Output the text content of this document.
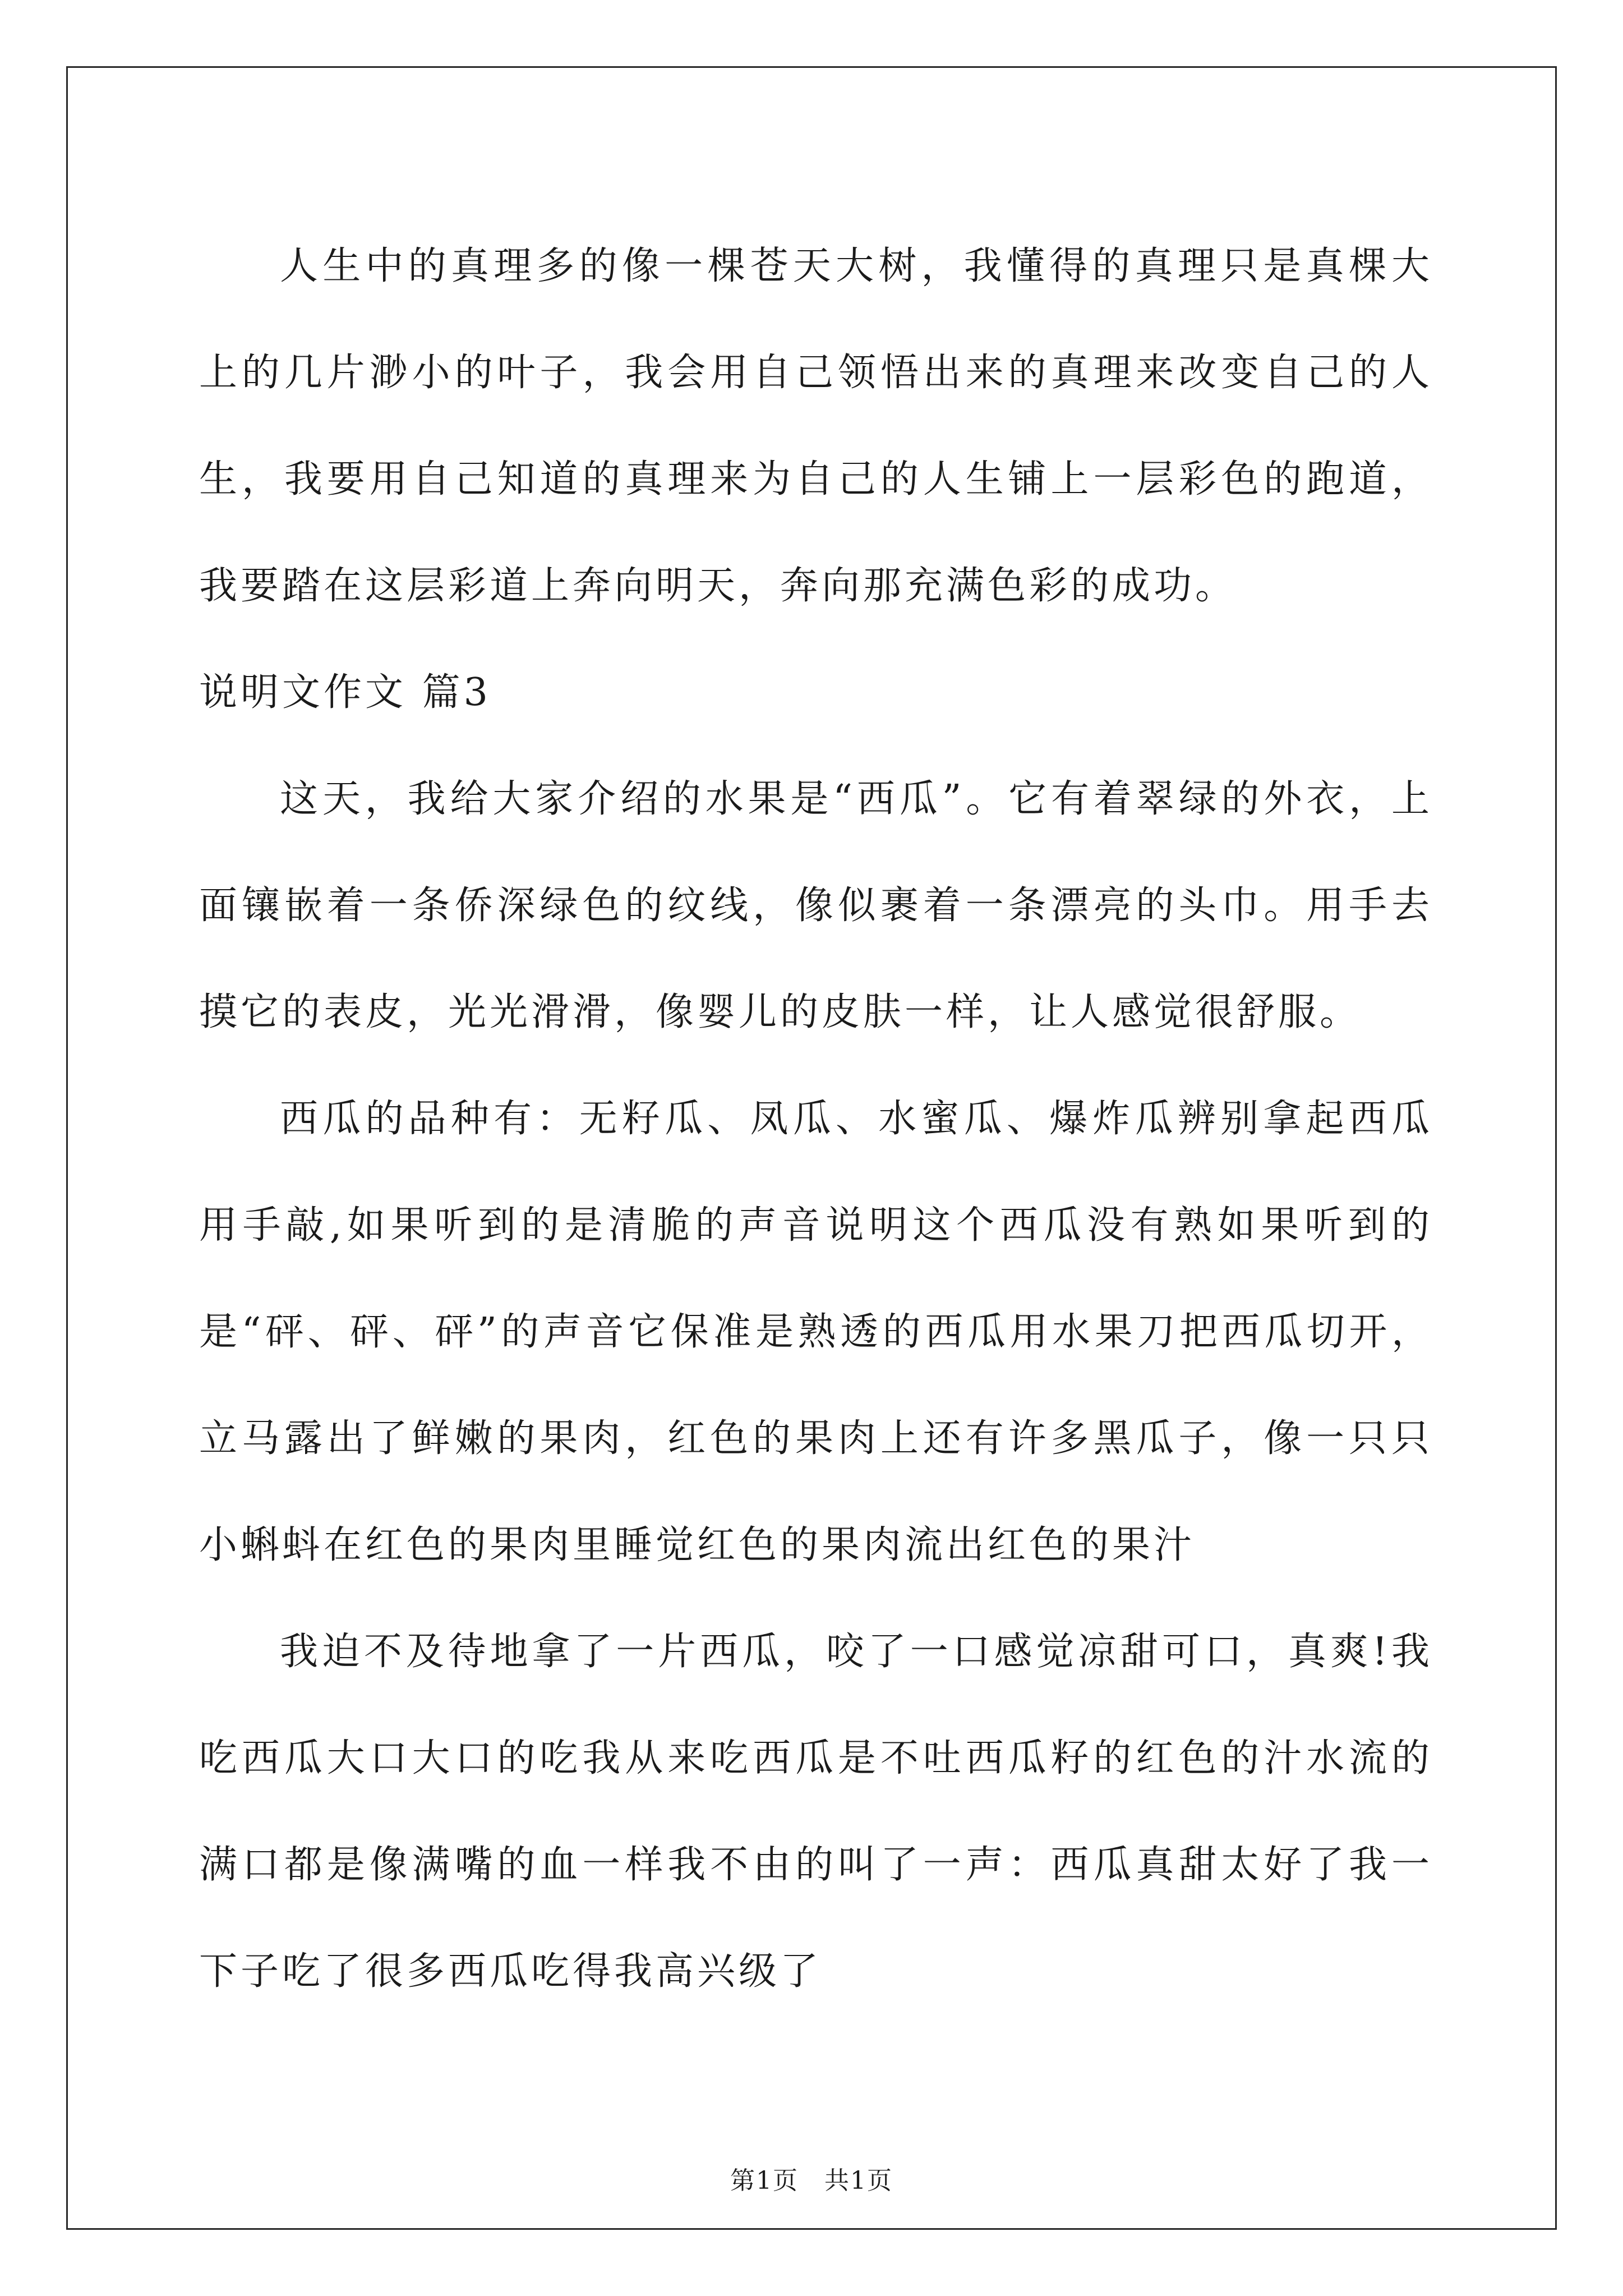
人生中的真理多的像一棵苍天大树，我懂得的真理只是真棵大上的几片渺小的叶子，我会用自己领悟出来的真理来改变自己的人生，我要用自己知道的真理来为自己的人生铺上一层彩色的跑道，我要踏在这层彩道上奔向明天，奔向那充满色彩的成功。

说明文作文 篇3

这天，我给大家介绍的水果是“西瓜”。它有着翠绿的外衣，上面镶嵌着一条侨深绿色的纹线，像似裹着一条漂亮的头巾。用手去摸它的表皮，光光滑滑，像婴儿的皮肤一样，让人感觉很舒服。

西瓜的品种有：无籽瓜、凤瓜、水蜜瓜、爆炸瓜辨别拿起西瓜用手敲,如果听到的是清脆的声音说明这个西瓜没有熟如果听到的是“砰、砰、砰”的声音它保准是熟透的西瓜用水果刀把西瓜切开，立马露出了鲜嫩的果肉，红色的果肉上还有许多黑瓜子，像一只只小蝌蚪在红色的果肉里睡觉红色的果肉流出红色的果汁

我迫不及待地拿了一片西瓜，咬了一口感觉凉甜可口，真爽!我吃西瓜大口大口的吃我从来吃西瓜是不吐西瓜籽的红色的汁水流的满口都是像满嘴的血一样我不由的叫了一声：西瓜真甜太好了我一下子吃了很多西瓜吃得我高兴级了

第1页　共1页
